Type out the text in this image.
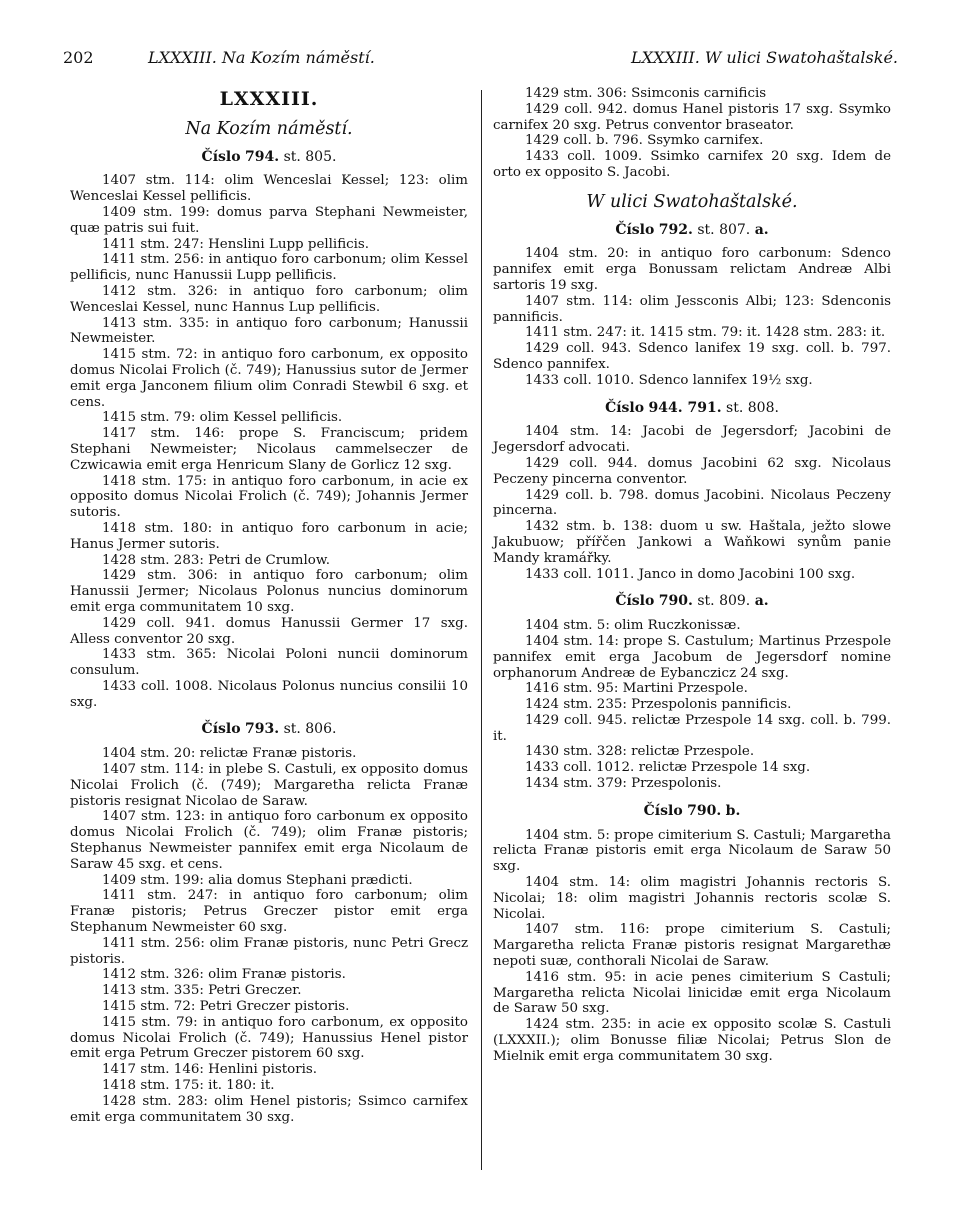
202	LXXXIII. Na Kozím náměstí.	LXXXIII. W ulici Swatohaštalské.
LXXXIII.
Na Kozím náměstí.
Číslo 794. st. 805.

1407 stm. 114: olim Wenceslai Kessel; 123: olim Wenceslai Kessel pellificis.

1409 stm. 199: domus parva Stephani Newmeister, quæ patris sui fuit.

1411 stm. 247: Henslini Lupp pellificis.

1411 stm. 256: in antiquo foro carbonum; olim Kessel pellificis, nunc Hanussii Lupp pellificis.

1412 stm. 326: in antiquo foro carbonum; olim Wenceslai Kessel, nunc Hannus Lup pellificis.

1413 stm. 335: in antiquo foro carbonum; Hanussii Newmeister.

1415 stm. 72: in antiquo foro carbonum, ex opposito domus Nicolai Frolich (č. 749); Hanussius sutor de Jermer emit erga Janconem filium olim Conradi Stewbil 6 sxg. et cens.

1415 stm. 79: olim Kessel pellificis.

1417 stm. 146: prope S. Franciscum; pridem Stephani Newmeister; Nicolaus cammelseczer de Czwicawia emit erga Henricum Slany de Gorlicz 12 sxg.

1418 stm. 175: in antiquo foro carbonum, in acie ex opposito domus Nicolai Frolich (č. 749); Johannis Jermer sutoris.

1418 stm. 180: in antiquo foro carbonum in acie; Hanus Jermer sutoris.

1428 stm. 283: Petri de Crumlow.

1429 stm. 306: in antiquo foro carbonum; olim Hanussii Jermer; Nicolaus Polonus nuncius dominorum emit erga communitatem 10 sxg.

1429 coll. 941. domus Hanussii Germer 17 sxg. Alless conventor 20 sxg.

1433 stm. 365: Nicolai Poloni nuncii dominorum consulum.

1433 coll. 1008. Nicolaus Polonus nuncius consilii 10 sxg.

Číslo 793. st. 806.

1404 stm. 20: relictæ Franæ pistoris.

1407 stm. 114: in plebe S. Castuli, ex opposito domus Nicolai Frolich (č. (749); Margaretha relicta Franæ pistoris resignat Nicolao de Saraw.

1407 stm. 123: in antiquo foro carbonum ex opposito domus Nicolai Frolich (č. 749); olim Franæ pistoris; Stephanus Newmeister pannifex emit erga Nicolaum de Saraw 45 sxg. et cens.

1409 stm. 199: alia domus Stephani prædicti.

1411 stm. 247: in antiquo foro carbonum; olim Franæ pistoris; Petrus Greczer pistor emit erga Stephanum Newmeister 60 sxg.

1411 stm. 256: olim Franæ pistoris, nunc Petri Grecz pistoris.

1412 stm. 326: olim Franæ pistoris.

1413 stm. 335: Petri Greczer.

1415 stm. 72: Petri Greczer pistoris.

1415 stm. 79: in antiquo foro carbonum, ex opposito domus Nicolai Frolich (č. 749); Hanussius Henel pistor emit erga Petrum Greczer pistorem 60 sxg.

1417 stm. 146: Henlini pistoris.

1418 stm. 175: it. 180: it.

1428 stm. 283: olim Henel pistoris; Ssimco carnifex emit erga communitatem 30 sxg.

1429 stm. 306: Ssimconis carnificis

1429 coll. 942. domus Hanel pistoris 17 sxg. Ssymko carnifex 20 sxg. Petrus conventor braseator.

1429 coll. b. 796. Ssymko carnifex.

1433 coll. 1009. Ssimko carnifex 20 sxg. Idem de orto ex opposito S. Jacobi.

W ulici Swatohaštalské.
Číslo 792. st. 807. a.

1404 stm. 20: in antiquo foro carbonum: Sdenco pannifex emit erga Bonussam relictam Andreæ Albi sartoris 19 sxg.

1407 stm. 114: olim Jessconis Albi; 123: Sdenconis pannificis.

1411 stm. 247: it. 1415 stm. 79: it. 1428 stm. 283: it.

1429 coll. 943. Sdenco lanifex 19 sxg. coll. b. 797. Sdenco pannifex.

1433 coll. 1010. Sdenco lannifex 19½ sxg.

Číslo 944. 791. st. 808.

1404 stm. 14: Jacobi de Jegersdorf; Jacobini de Jegersdorf advocati.

1429 coll. 944. domus Jacobini 62 sxg. Nicolaus Peczeny pincerna conventor.

1429 coll. b. 798. domus Jacobini. Nicolaus Peczeny pincerna.

1432 stm. b. 138: duom u sw. Haštala, ježto slowe Jakubuow; přířčen Jankowi a Waňkowi synům panie Mandy kramářky.

1433 coll. 1011. Janco in domo Jacobini 100 sxg.

Číslo 790. st. 809. a.

1404 stm. 5: olim Ruczkonissæ.

1404 stm. 14: prope S. Castulum; Martinus Przespole pannifex emit erga Jacobum de Jegersdorf nomine orphanorum Andreæ de Eybanczicz 24 sxg.

1416 stm. 95: Martini Przespole.

1424 stm. 235: Przespolonis pannificis.

1429 coll. 945. relictæ Przespole 14 sxg. coll. b. 799. it.

1430 stm. 328: relictæ Przespole.

1433 coll. 1012. relictæ Przespole 14 sxg.

1434 stm. 379: Przespolonis.

Číslo 790. b.

1404 stm. 5: prope cimiterium S. Castuli; Margaretha relicta Franæ pistoris emit erga Nicolaum de Saraw 50 sxg.

1404 stm. 14: olim magistri Johannis rectoris S. Nicolai; 18: olim magistri Johannis rectoris scolæ S. Nicolai.

1407 stm. 116: prope cimiterium S. Castuli; Margaretha relicta Franæ pistoris resignat Margarethæ nepoti suæ, conthorali Nicolai de Saraw.

1416 stm. 95: in acie penes cimiterium S Castuli; Margaretha relicta Nicolai linicidæ emit erga Nicolaum de Saraw 50 sxg.

1424 stm. 235: in acie ex opposito scolæ S. Castuli (LXXXII.); olim Bonusse filiæ Nicolai; Petrus Slon de Mielnik emit erga communitatem 30 sxg.
